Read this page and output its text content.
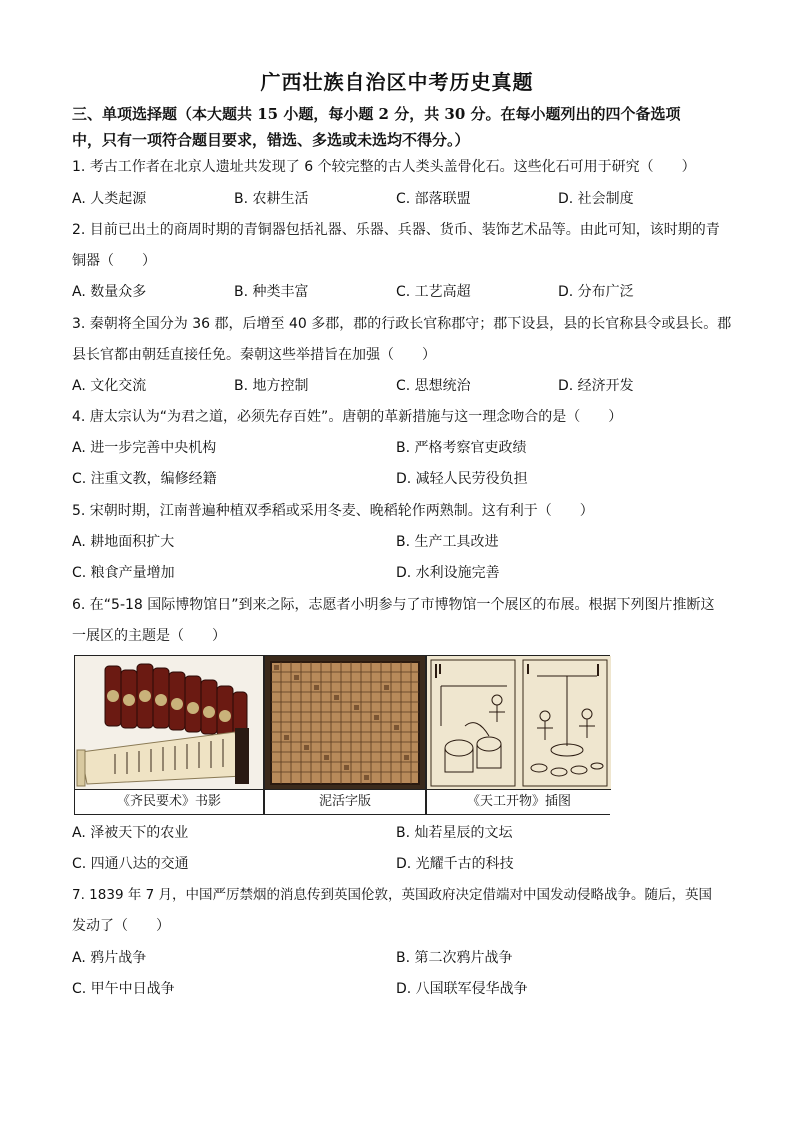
广西壮族自治区中考历史真题
三、单项选择题（本大题共 15 小题，每小题 2 分，共 30 分。在每小题列出的四个备选项
中，只有一项符合题目要求，错选、多选或未选均不得分。）
1. 考古工作者在北京人遗址共发现了 6 个较完整的古人类头盖骨化石。这些化石可用于研究（　　）
A. 人类起源	B. 农耕生活	C. 部落联盟	D. 社会制度
2. 目前已出土的商周时期的青铜器包括礼器、乐器、兵器、货币、装饰艺术品等。由此可知，该时期的青
铜器（　　）
A. 数量众多	B. 种类丰富	C. 工艺高超	D. 分布广泛
3. 秦朝将全国分为 36 郡，后增至 40 多郡，郡的行政长官称郡守；郡下设县，县的长官称县令或县长。郡
县长官都由朝廷直接任免。秦朝这些举措旨在加强（　　）
A. 文化交流	B. 地方控制	C. 思想统治	D. 经济开发
4. 唐太宗认为“为君之道，必须先存百姓”。唐朝的革新措施与这一理念吻合的是（　　）
A. 进一步完善中央机构	B. 严格考察官吏政绩
C. 注重文教，编修经籍	D. 减轻人民劳役负担
5. 宋朝时期，江南普遍种植双季稻或采用冬麦、晚稻轮作两熟制。这有利于（　　）
A. 耕地面积扩大	B. 生产工具改进
C. 粮食产量增加	D. 水利设施完善
6. 在“5-18 国际博物馆日”到来之际，志愿者小明参与了市博物馆一个展区的布展。根据下列图片推断这
一展区的主题是（　　）
《齐民要术》书影	泥活字版	《天工开物》插图
A. 泽被天下的农业	B. 灿若星辰的文坛
C. 四通八达的交通	D. 光耀千古的科技
7. 1839 年 7 月，中国严厉禁烟的消息传到英国伦敦，英国政府决定借端对中国发动侵略战争。随后，英国
发动了（　　）
A. 鸦片战争	B. 第二次鸦片战争
C. 甲午中日战争	D. 八国联军侵华战争
